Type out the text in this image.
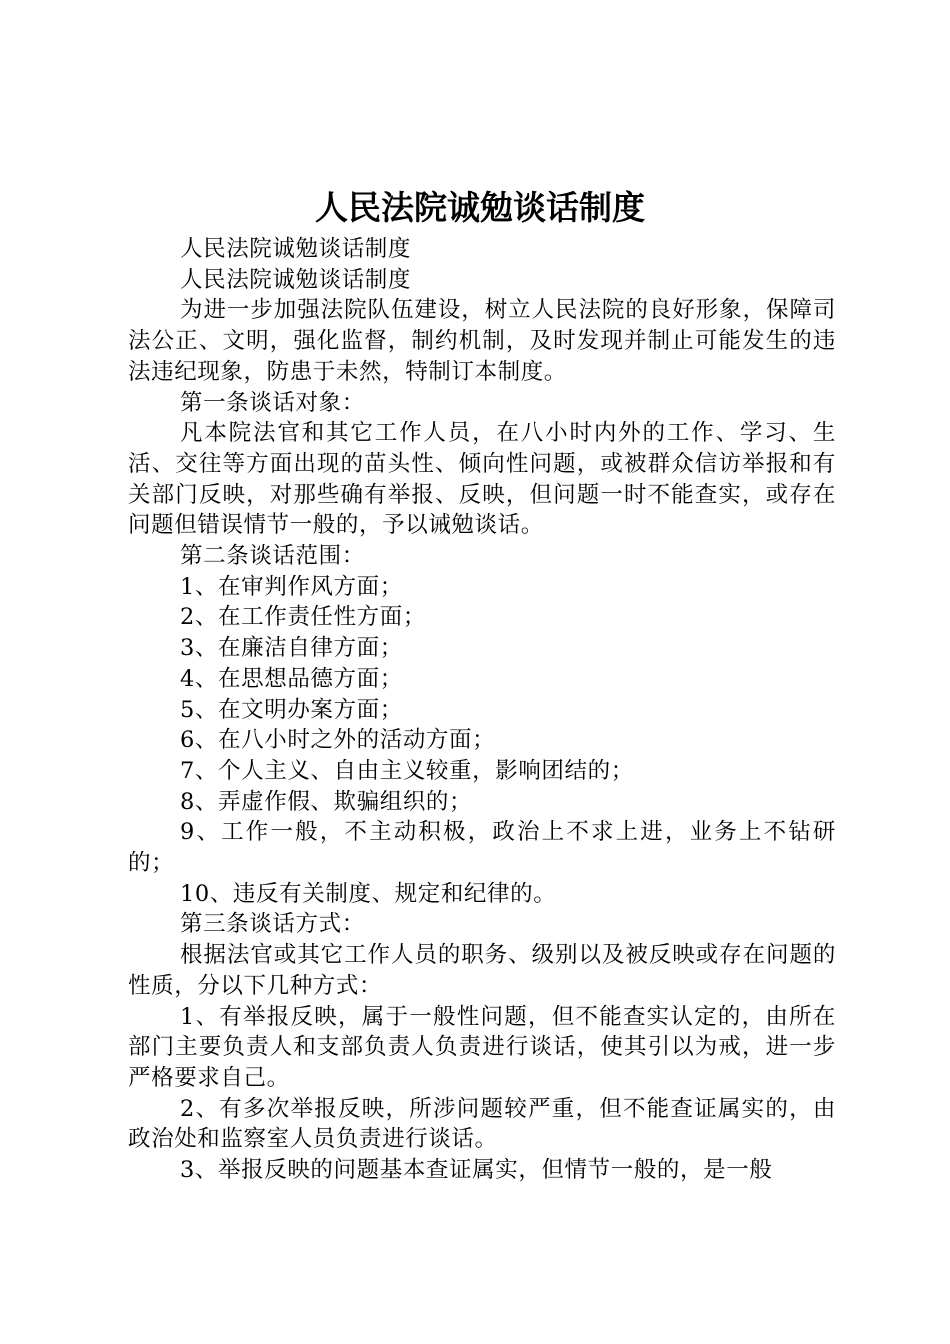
人民法院诚勉谈话制度

人民法院诚勉谈话制度

人民法院诚勉谈话制度

为进一步加强法院队伍建设，树立人民法院的良好形象，保障司法公正、文明，强化监督，制约机制，及时发现并制止可能发生的违法违纪现象，防患于未然，特制订本制度。

第一条谈话对象：

凡本院法官和其它工作人员，在八小时内外的工作、学习、生活、交往等方面出现的苗头性、倾向性问题，或被群众信访举报和有关部门反映，对那些确有举报、反映，但问题一时不能查实，或存在问题但错误情节一般的，予以诫勉谈话。

第二条谈话范围：

1、在审判作风方面；

2、在工作责任性方面；

3、在廉洁自律方面；

4、在思想品德方面；

5、在文明办案方面；

6、在八小时之外的活动方面；

7、个人主义、自由主义较重，影响团结的；

8、弄虚作假、欺骗组织的；

9、工作一般，不主动积极，政治上不求上进，业务上不钻研的；

10、违反有关制度、规定和纪律的。

第三条谈话方式：

根据法官或其它工作人员的职务、级别以及被反映或存在问题的性质，分以下几种方式：

1、有举报反映，属于一般性问题，但不能查实认定的，由所在部门主要负责人和支部负责人负责进行谈话，使其引以为戒，进一步严格要求自己。

2、有多次举报反映，所涉问题较严重，但不能查证属实的，由政治处和监察室人员负责进行谈话。

3、举报反映的问题基本查证属实，但情节一般的，是一般
